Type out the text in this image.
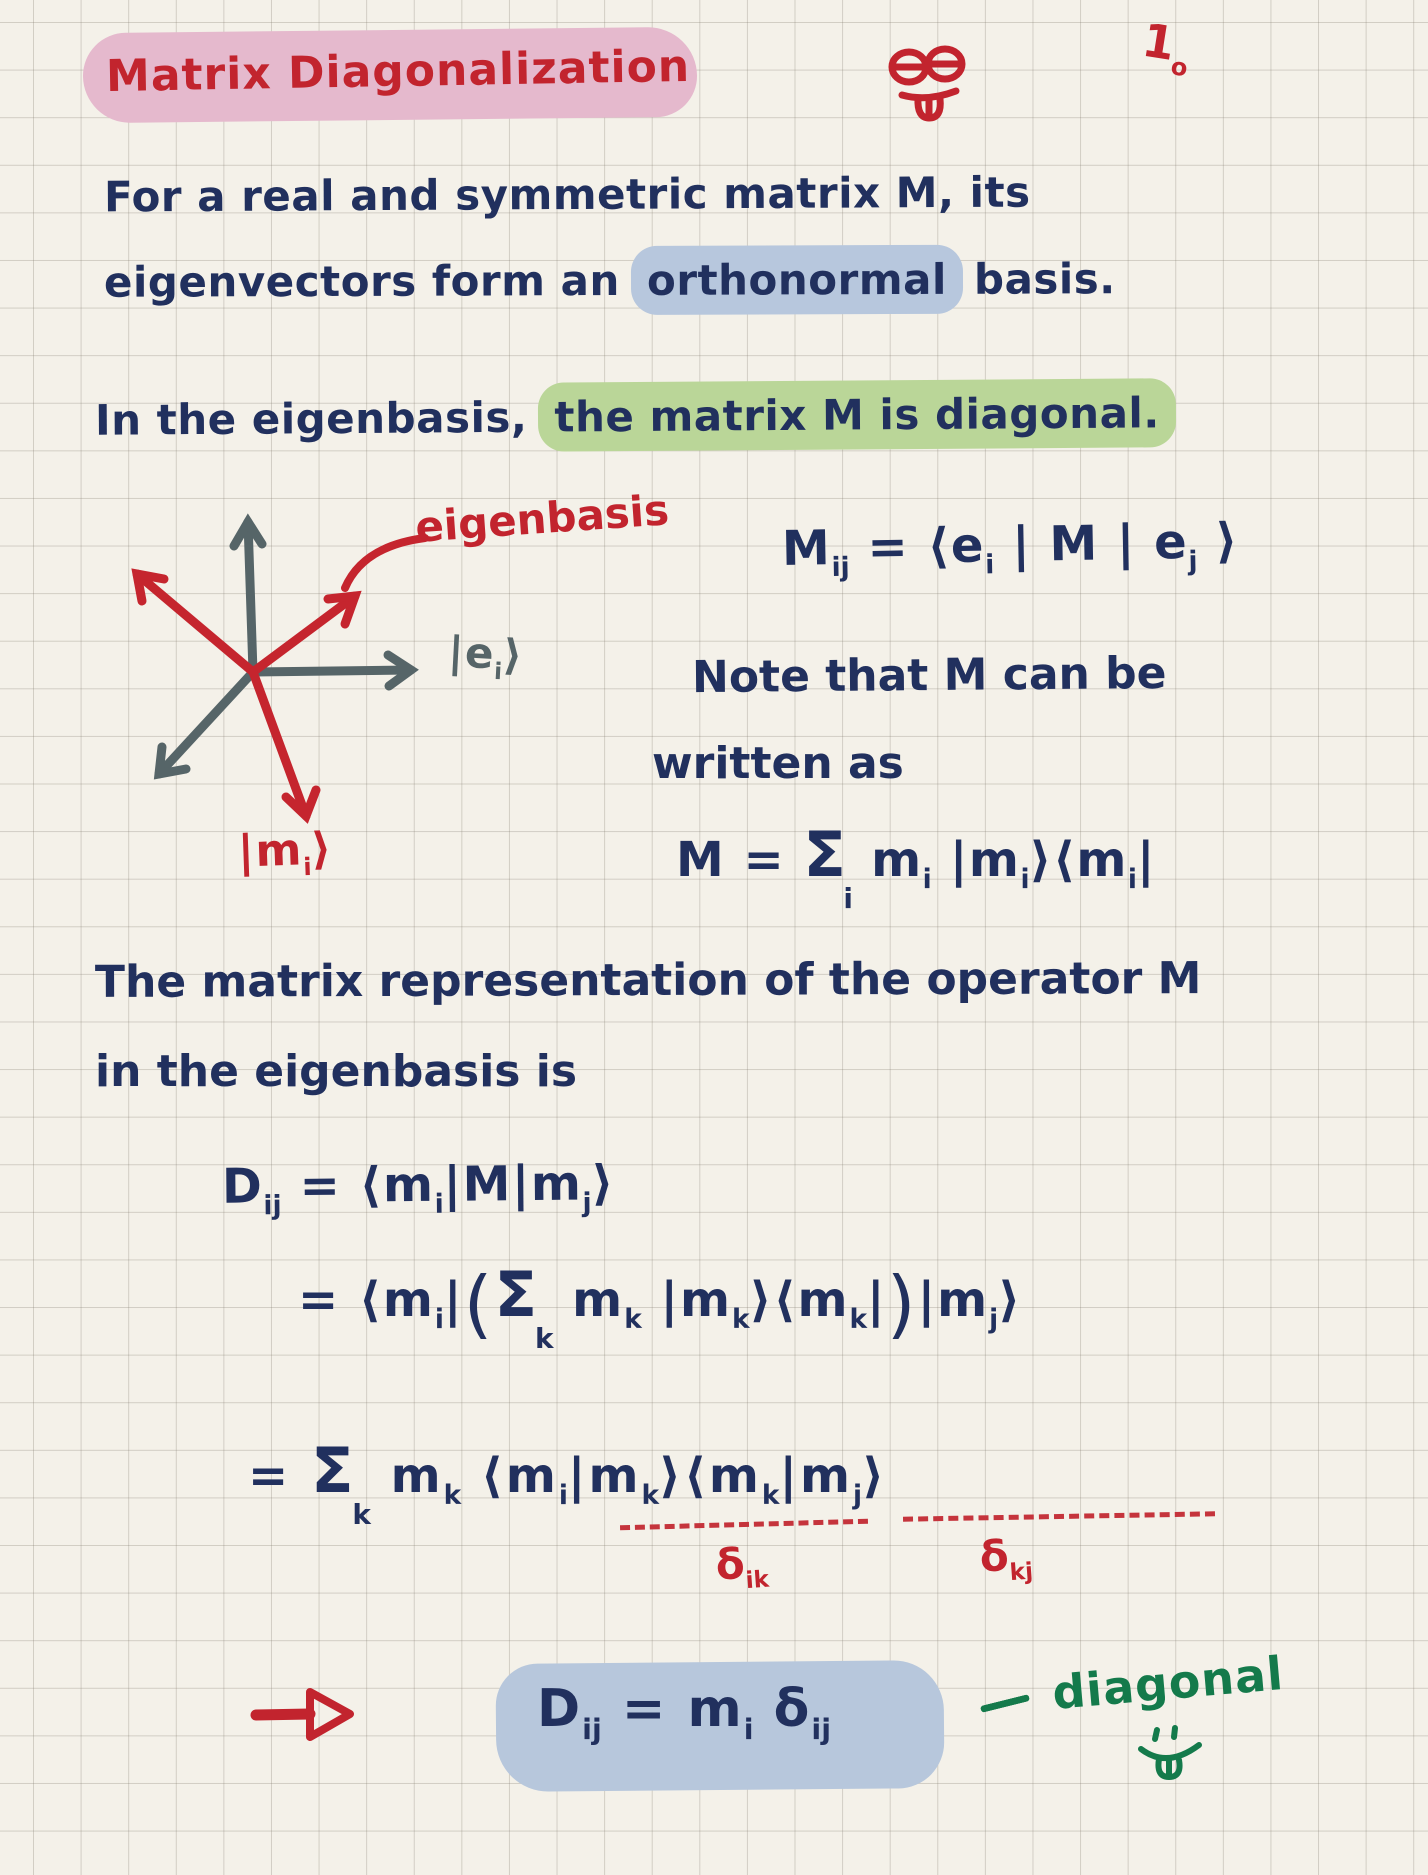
Matrix Diagonalization	$1_o$
For a real and symmetric matrix M, its
eigenvectors form an orthonormal basis.
In the eigenbasis, the matrix M is diagonal.
eigenbasis
$|e_i⟩$
$|m_i⟩$
$M_{ij}$ = $⟨e_i$ | M | $e_j$ ⟩
Note that M can be
written as
$M = \Sigma_i$ $m_i$ $|m_i⟩⟨m_i|$
The matrix representation of the operator M
in the eigenbasis is
$D_{ij}$ = $⟨m_i|M|m_j⟩$
= $⟨m_i|(\Sigma_k$ $m_k$ $|m_k⟩⟨m_k|)|m_j⟩$
= $\Sigma_k$ $m_k$ $⟨m_i|m_k⟩⟨m_k|m_j⟩$
$\delta_{ik}$	$\delta_{kj}$
$D_{ij} = m_i$ $\delta_{ij}$
diagonal
